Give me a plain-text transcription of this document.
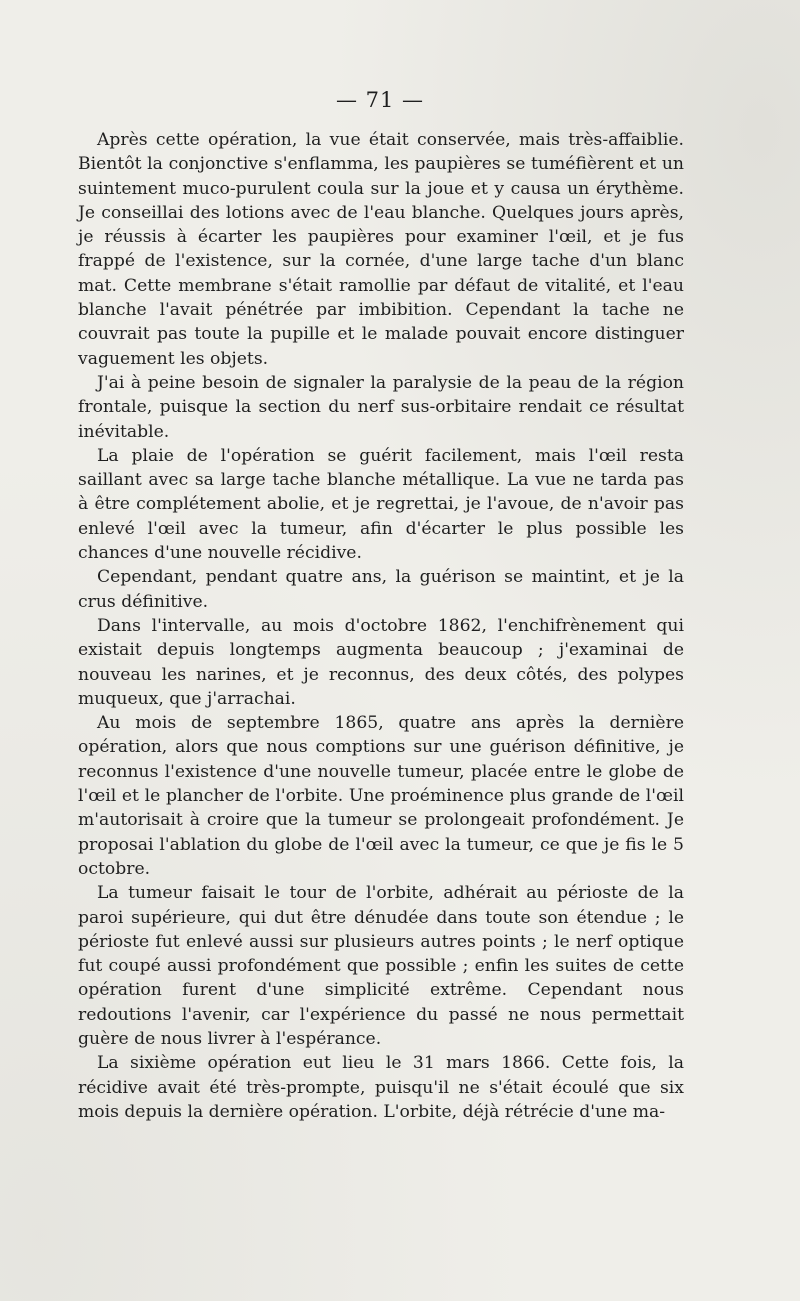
— 71 —

Après cette opération, la vue était conservée, mais très-affaiblie. Bientôt la conjonctive s'enflamma, les paupières se tuméfièrent et un suintement muco-purulent coula sur la joue et y causa un érythème. Je conseillai des lotions avec de l'eau blanche. Quelques jours après, je réussis à écarter les paupières pour examiner l'œil, et je fus frappé de l'existence, sur la cornée, d'une large tache d'un blanc mat. Cette membrane s'était ramollie par défaut de vitalité, et l'eau blanche l'avait pénétrée par imbibition. Cependant la tache ne couvrait pas toute la pupille et le malade pouvait encore distinguer vaguement les objets.

J'ai à peine besoin de signaler la paralysie de la peau de la région frontale, puisque la section du nerf sus-orbitaire rendait ce résultat inévitable.

La plaie de l'opération se guérit facilement, mais l'œil resta saillant avec sa large tache blanche métallique. La vue ne tarda pas à être complétement abolie, et je regrettai, je l'avoue, de n'avoir pas enlevé l'œil avec la tumeur, afin d'écarter le plus possible les chances d'une nouvelle récidive.

Cependant, pendant quatre ans, la guérison se maintint, et je la crus définitive.

Dans l'intervalle, au mois d'octobre 1862, l'enchifrènement qui existait depuis longtemps augmenta beaucoup ; j'examinai de nouveau les narines, et je reconnus, des deux côtés, des polypes muqueux, que j'arrachai.

Au mois de septembre 1865, quatre ans après la dernière opération, alors que nous comptions sur une guérison définitive, je reconnus l'existence d'une nouvelle tumeur, placée entre le globe de l'œil et le plancher de l'orbite. Une proéminence plus grande de l'œil m'autorisait à croire que la tumeur se prolongeait profondément. Je proposai l'ablation du globe de l'œil avec la tumeur, ce que je fis le 5 octobre.

La tumeur faisait le tour de l'orbite, adhérait au périoste de la paroi supérieure, qui dut être dénudée dans toute son étendue ; le périoste fut enlevé aussi sur plusieurs autres points ; le nerf optique fut coupé aussi profondément que possible ; enfin les suites de cette opération furent d'une simplicité extrême. Cependant nous redoutions l'avenir, car l'expérience du passé ne nous permettait guère de nous livrer à l'espérance.

La sixième opération eut lieu le 31 mars 1866. Cette fois, la récidive avait été très-prompte, puisqu'il ne s'était écoulé que six mois depuis la dernière opération. L'orbite, déjà rétrécie d'une ma-
